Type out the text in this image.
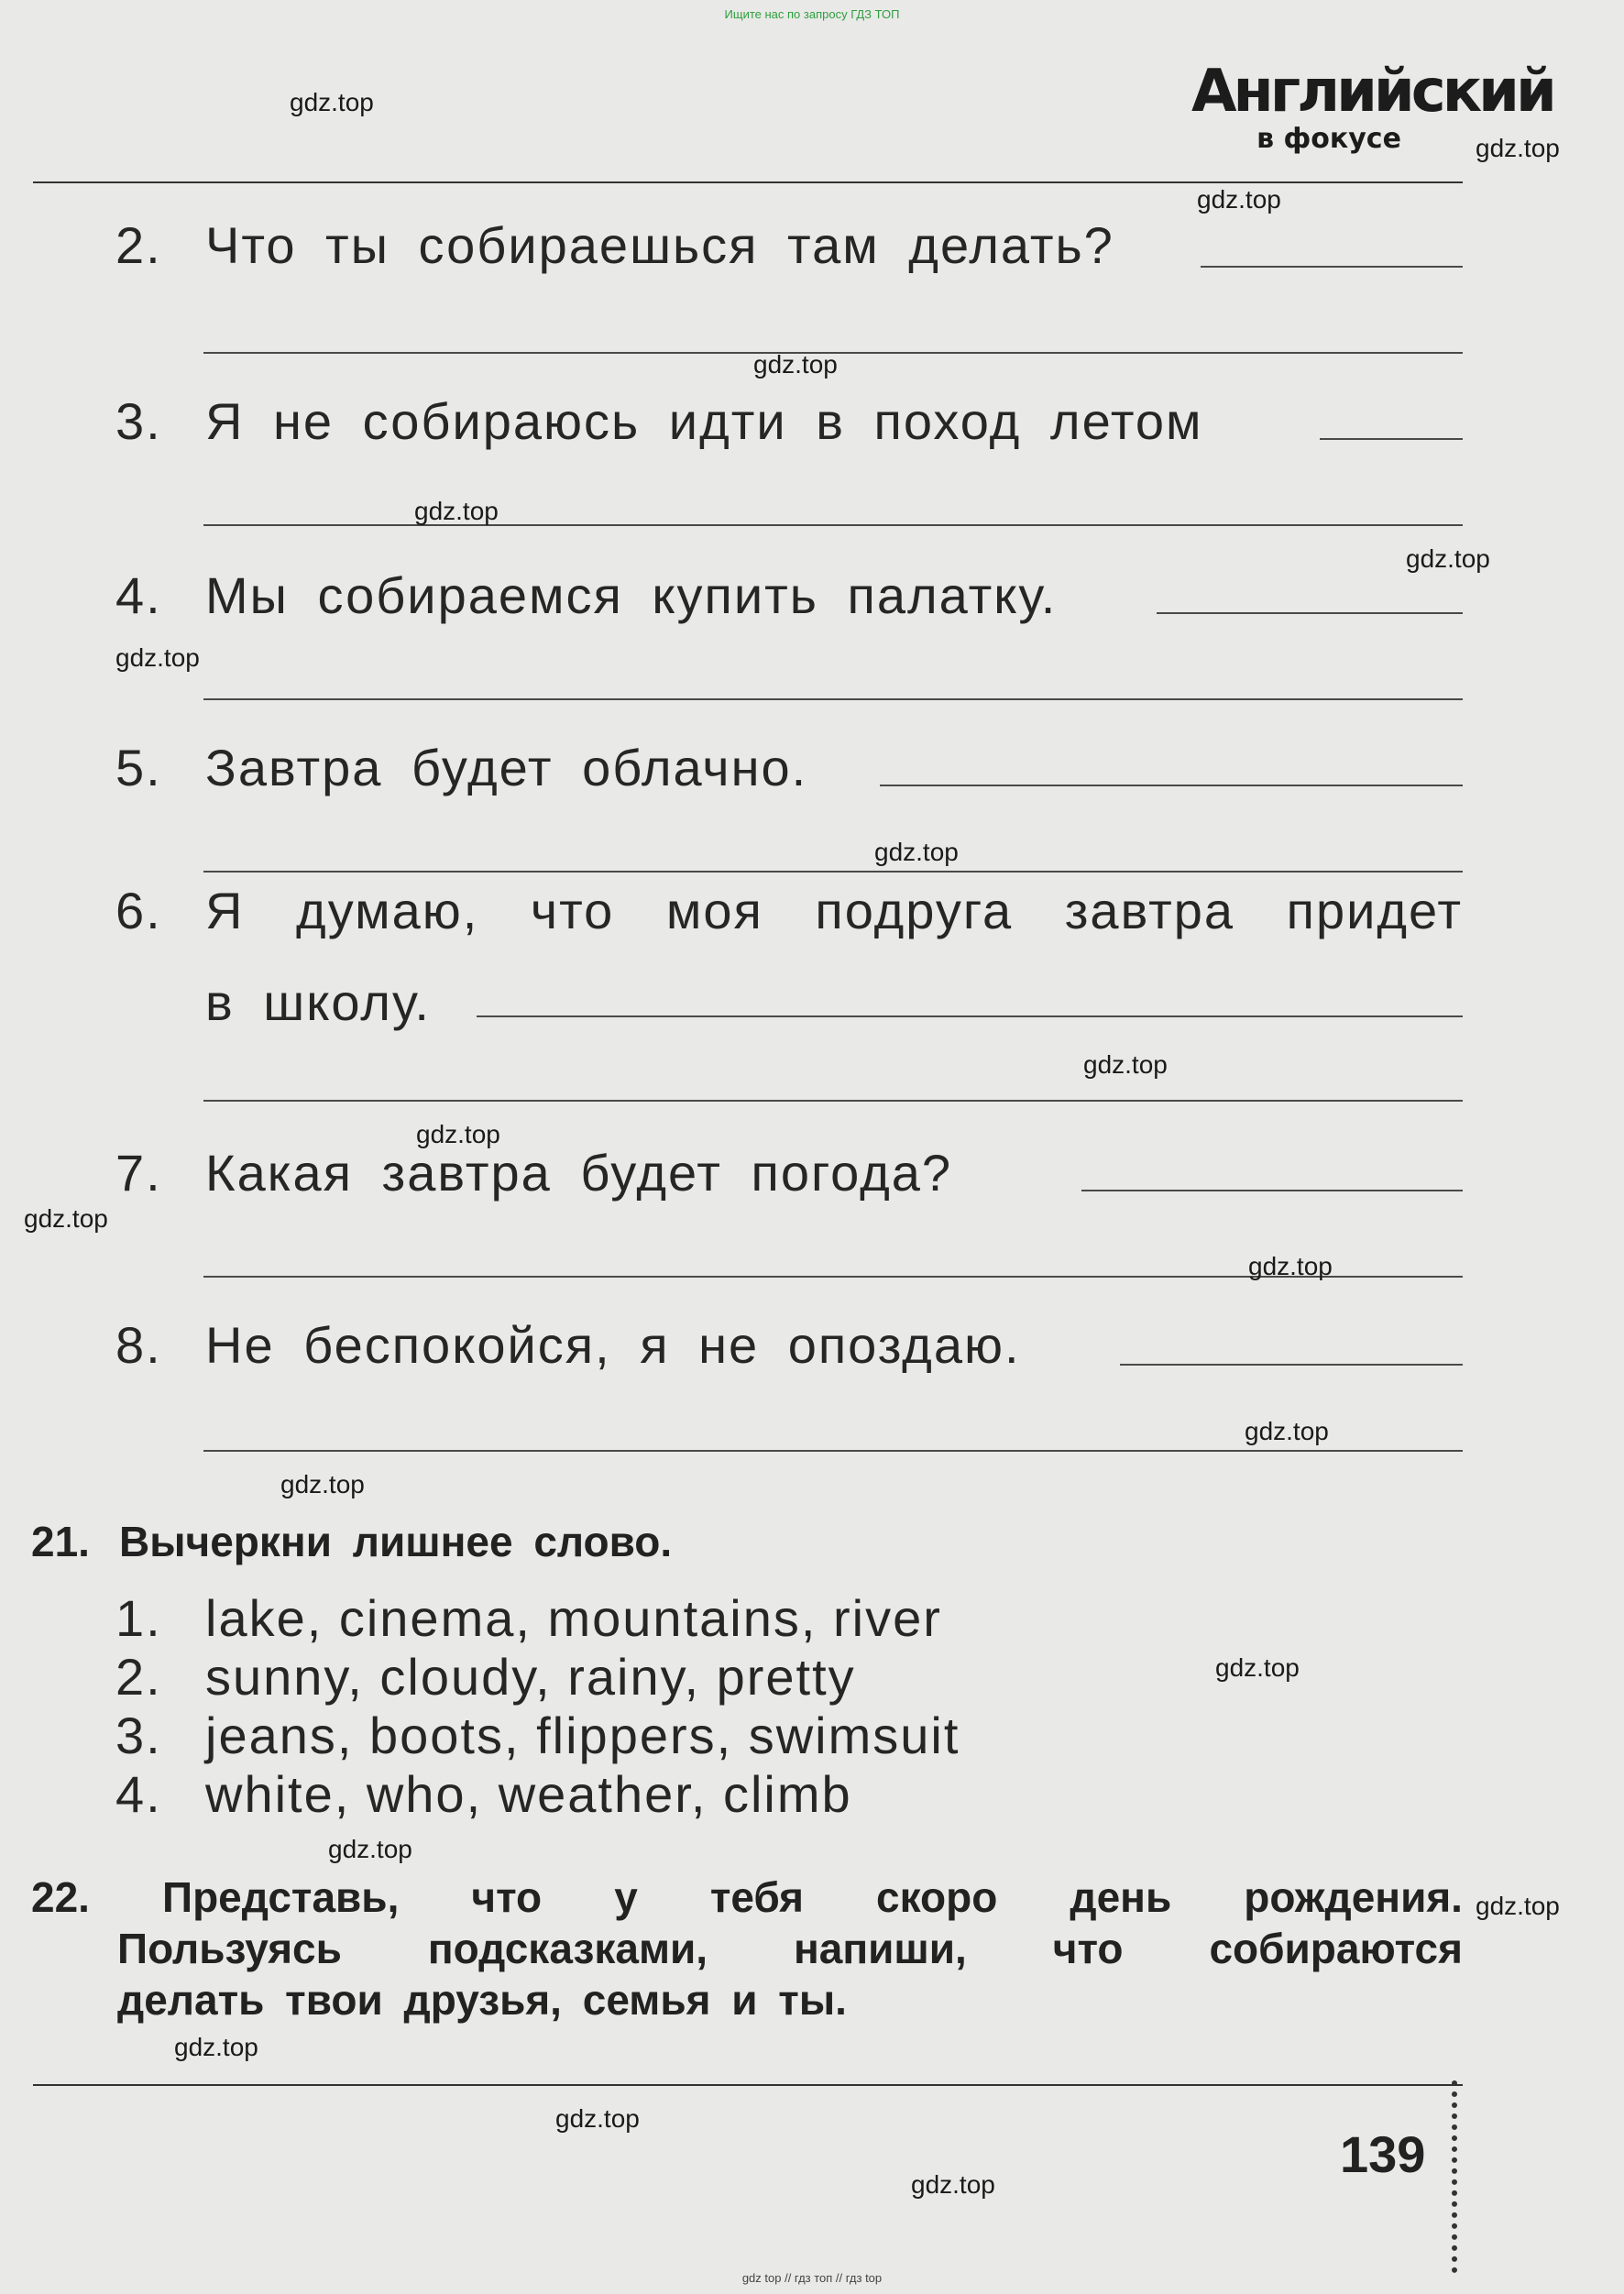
Ищите нас по запросу ГДЗ ТОП
Английский
в фокусе
2. Что ты собираешься там делать?
3. Я не собираюсь идти в поход летом
4. Мы собираемся купить палатку.
5. Завтра будет облачно.
6. Я думаю, что моя подруга завтра придет
в школу.
7. Какая завтра будет погода?
8. Не беспокойся, я не опоздаю.
21. Вычеркни лишнее слово.
1. lake, cinema, mountains, river
2. sunny, cloudy, rainy, pretty
3. jeans, boots, flippers, swimsuit
4. white, who, weather, climb
22. Представь, что у тебя скоро день рождения.
Пользуясь подсказками, напиши, что собираются
делать твои друзья, семья и ты.
139
gdz.top
gdz.top
gdz.top
gdz.top
gdz.top
gdz.top
gdz.top
gdz.top
gdz.top
gdz.top
gdz.top
gdz.top
gdz.top
gdz.top
gdz.top
gdz.top
gdz.top
gdz.top
gdz.top
gdz.top
gdz top // гдз топ // гдз top
